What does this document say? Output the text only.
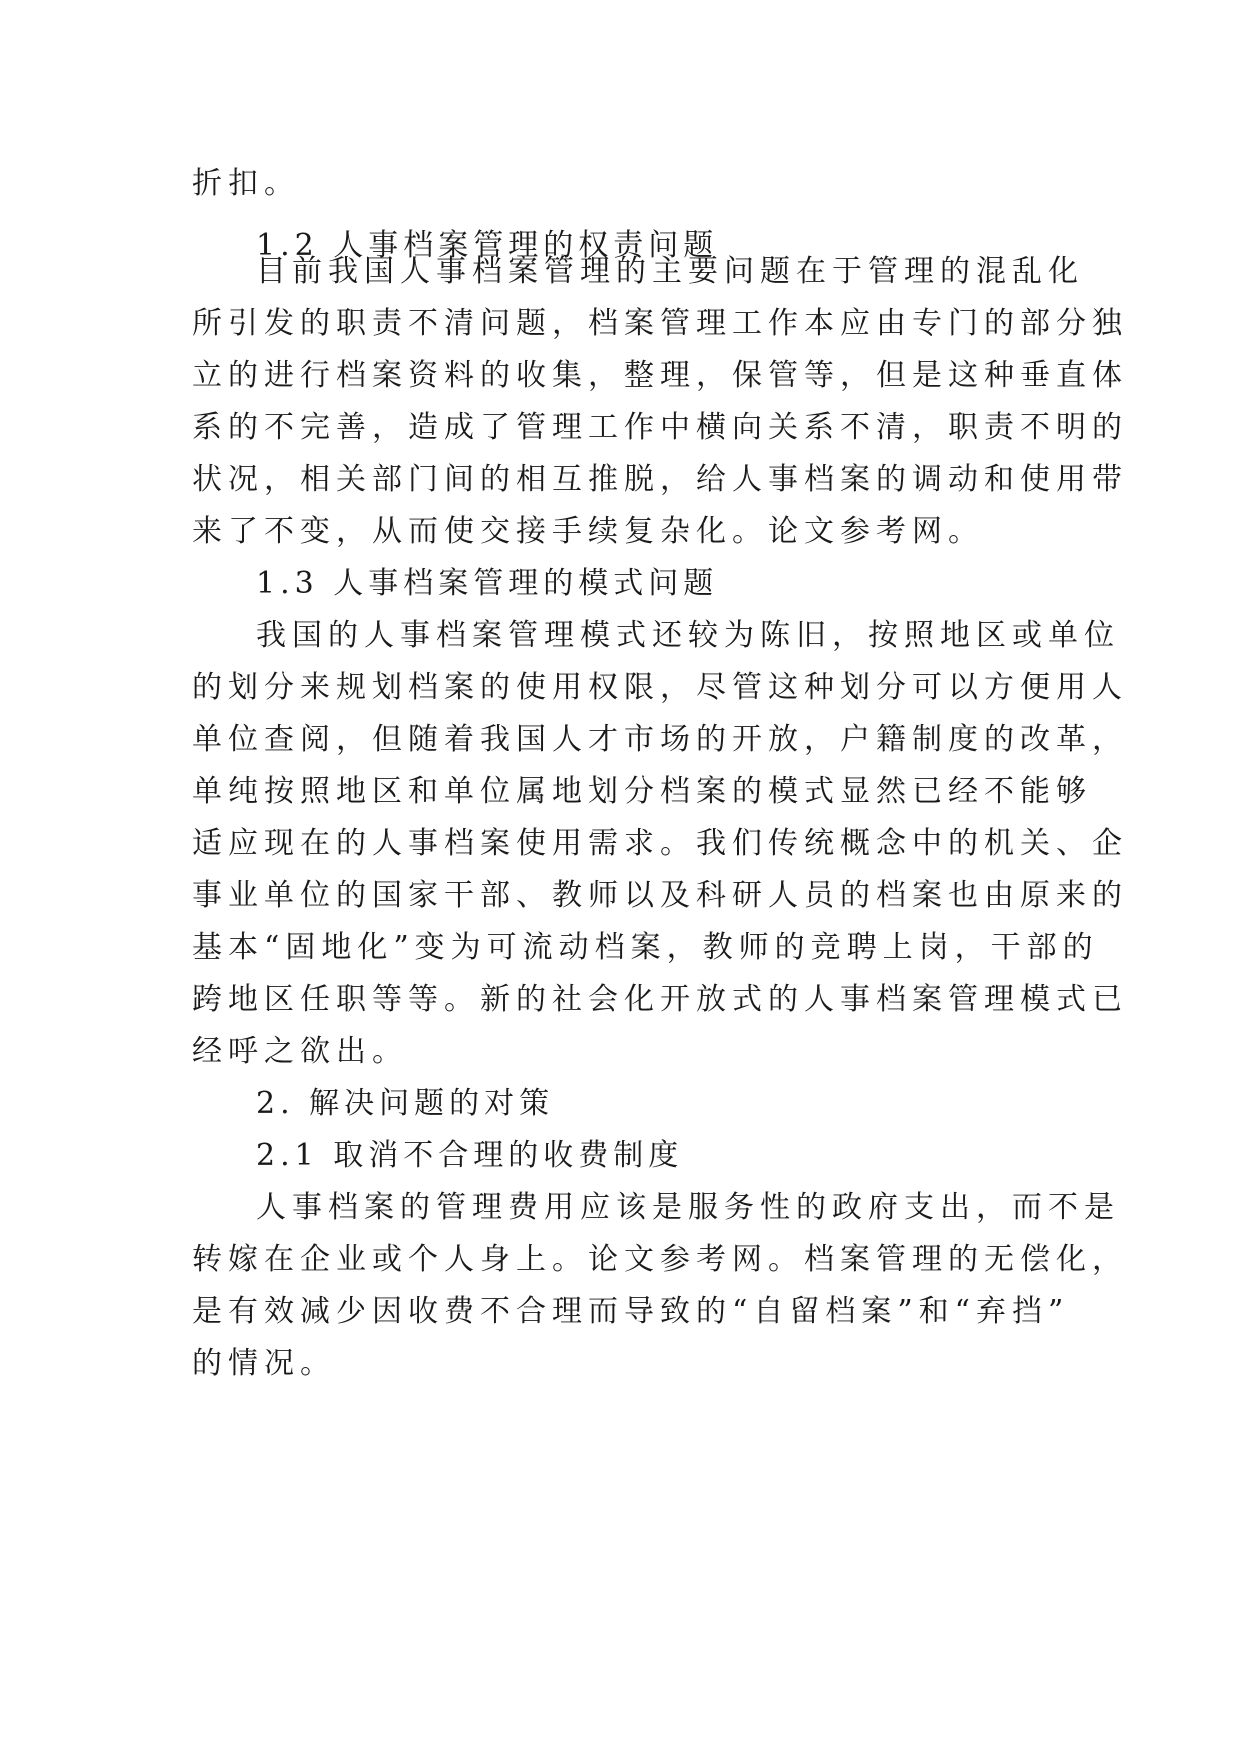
折扣。
1.2 人事档案管理的权责问题
目前我国人事档案管理的主要问题在于管理的混乱化
所引发的职责不清问题，档案管理工作本应由专门的部分独
立的进行档案资料的收集，整理，保管等，但是这种垂直体
系的不完善，造成了管理工作中横向关系不清，职责不明的
状况，相关部门间的相互推脱，给人事档案的调动和使用带
来了不变，从而使交接手续复杂化。论文参考网。
1.3 人事档案管理的模式问题
我国的人事档案管理模式还较为陈旧，按照地区或单位
的划分来规划档案的使用权限，尽管这种划分可以方便用人
单位查阅，但随着我国人才市场的开放，户籍制度的改革，
单纯按照地区和单位属地划分档案的模式显然已经不能够
适应现在的人事档案使用需求。我们传统概念中的机关、企
事业单位的国家干部、教师以及科研人员的档案也由原来的
基本“固地化”变为可流动档案，教师的竞聘上岗，干部的
跨地区任职等等。新的社会化开放式的人事档案管理模式已
经呼之欲出。
2. 解决问题的对策
2.1 取消不合理的收费制度
人事档案的管理费用应该是服务性的政府支出，而不是
转嫁在企业或个人身上。论文参考网。档案管理的无偿化，
是有效减少因收费不合理而导致的“自留档案”和“弃挡”
的情况。
